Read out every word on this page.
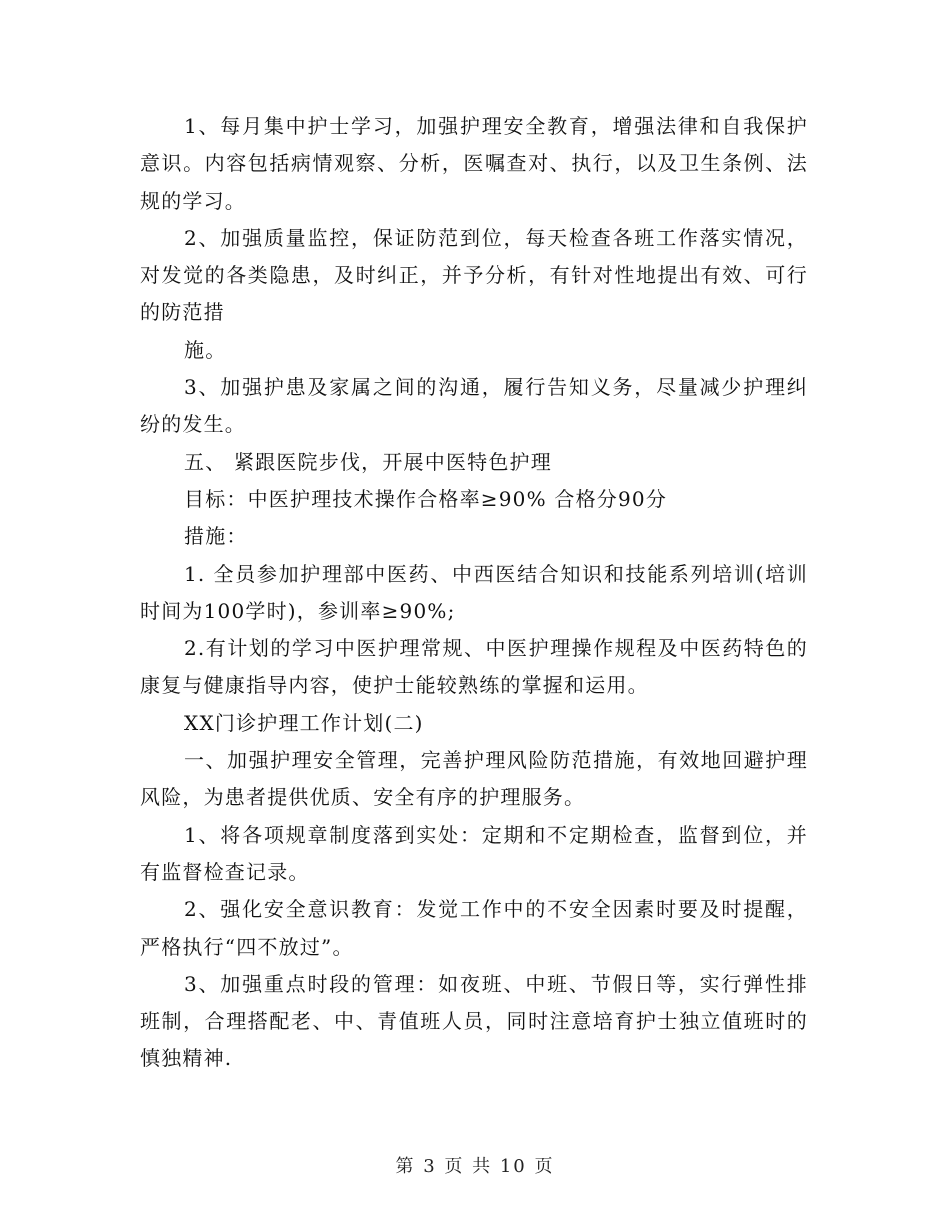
1、每月集中护士学习，加强护理安全教育，增强法律和自我保护意识。内容包括病情观察、分析，医嘱查对、执行，以及卫生条例、法规的学习。

2、加强质量监控，保证防范到位，每天检查各班工作落实情况，对发觉的各类隐患，及时纠正，并予分析，有针对性地提出有效、可行的防范措

施。

3、加强护患及家属之间的沟通，履行告知义务，尽量减少护理纠纷的发生。

五、 紧跟医院步伐，开展中医特色护理

目标：中医护理技术操作合格率≥90% 合格分90分

措施：

1. 全员参加护理部中医药、中西医结合知识和技能系列培训(培训时间为100学时)，参训率≥90%;

2.有计划的学习中医护理常规、中医护理操作规程及中医药特色的康复与健康指导内容，使护士能较熟练的掌握和运用。

XX门诊护理工作计划(二)

一、加强护理安全管理，完善护理风险防范措施，有效地回避护理风险，为患者提供优质、安全有序的护理服务。

1、将各项规章制度落到实处：定期和不定期检查，监督到位，并有监督检查记录。

2、强化安全意识教育：发觉工作中的不安全因素时要及时提醒，严格执行“四不放过”。

3、加强重点时段的管理：如夜班、中班、节假日等，实行弹性排班制，合理搭配老、中、青值班人员，同时注意培育护士独立值班时的慎独精神.

第 3 页 共 10 页
